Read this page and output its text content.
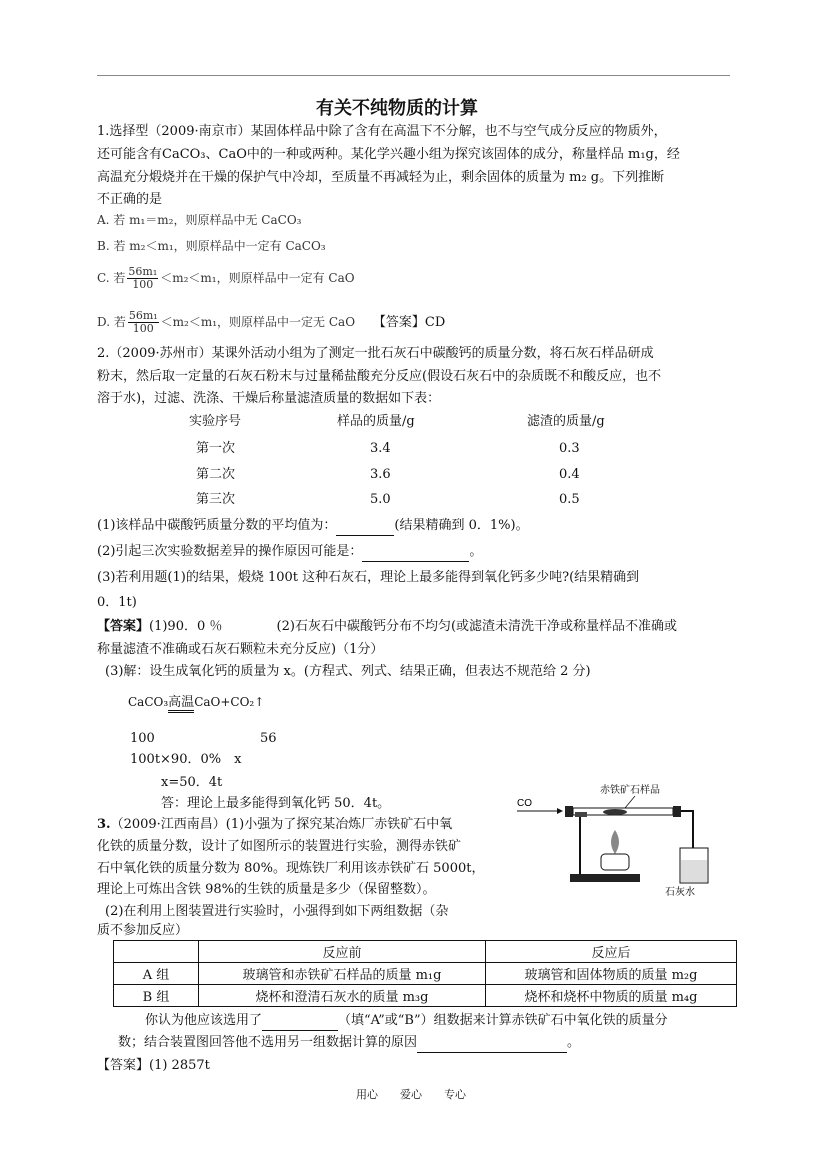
有关不纯物质的计算
1.选择型（2009·南京市）某固体样品中除了含有在高温下不分解，也不与空气成分反应的物质外，
还可能含有CaCO₃、CaO中的一种或两种。某化学兴趣小组为探究该固体的成分，称量样品 m₁g，经
高温充分煅烧并在干燥的保护气中冷却，至质量不再减轻为止，剩余固体的质量为 m₂ g。下列推断
不正确的是
A. 若 m₁＝m₂，则原样品中无 CaCO₃
B. 若 m₂＜m₁，则原样品中一定有 CaCO₃
C. 若 $\frac{\text{56m₁}}{100} <m_2<m_1$，则原样品中一定有 CaO
D. 若 $\frac{\text{56m₁}}{100} <m_2<m_1$，则原样品中一定无 CaO 【答案】CD
2.（2009·苏州市）某课外活动小组为了测定一批石灰石中碳酸钙的质量分数，将石灰石样品研成
粉末，然后取一定量的石灰石粉末与过量稀盐酸充分反应(假设石灰石中的杂质既不和酸反应，也不
溶于水)，过滤、洗涤、干燥后称量滤渣质量的数据如下表：
实验序号	样品的质量/g	滤渣的质量/g
第一次	3.4	0.3
第二次	3.6	0.4
第三次	5.0	0.5
(1)该样品中碳酸钙质量分数的平均值为：	(结果精确到 0．1%)。
(2)引起三次实验数据差异的操作原因可能是：	。
(3)若利用题(1)的结果，煅烧 100t 这种石灰石，理论上最多能得到氧化钙多少吨?(结果精确到
0．1t)
【答案】(1)90．0 ％	(2)石灰石中碳酸钙分布不均匀(或滤渣未清洗干净或称量样品不准确或
称量滤渣不准确或石灰石颗粒未充分反应)（1分）
(3)解：设生成氧化钙的质量为 x。(方程式、列式、结果正确，但表达不规范给 2 分)
CaCO₃高温CaO+CO₂↑
100	56
100t×90．0%　x
x=50．4t
答：理论上最多能得到氧化钙 50．4t。
3.（2009·江西南昌）(1)小强为了探究某冶炼厂赤铁矿石中氧
化铁的质量分数，设计了如图所示的装置进行实验，测得赤铁矿
石中氧化铁的质量分数为 80%。现炼铁厂利用该赤铁矿石 5000t，
理论上可炼出含铁 98%的生铁的质量是多少（保留整数）。
(2)在利用上图装置进行实验时，小强得到如下两组数据（杂
质不参加反应）
CO
赤铁矿石样品
石灰水
	反应前	反应后
A 组	玻璃管和赤铁矿石样品的质量 m₁g	玻璃管和固体物质的质量 m₂g
B 组	烧杯和澄清石灰水的质量 m₃g	烧杯和烧杯中物质的质量 m₄g
你认为他应该选用了	（填“A”或“B”）组数据来计算赤铁矿石中氧化铁的质量分
数；结合装置图回答他不选用另一组数据计算的原因	。
【答案】(1) 2857t
用心　　爱心　　专心
